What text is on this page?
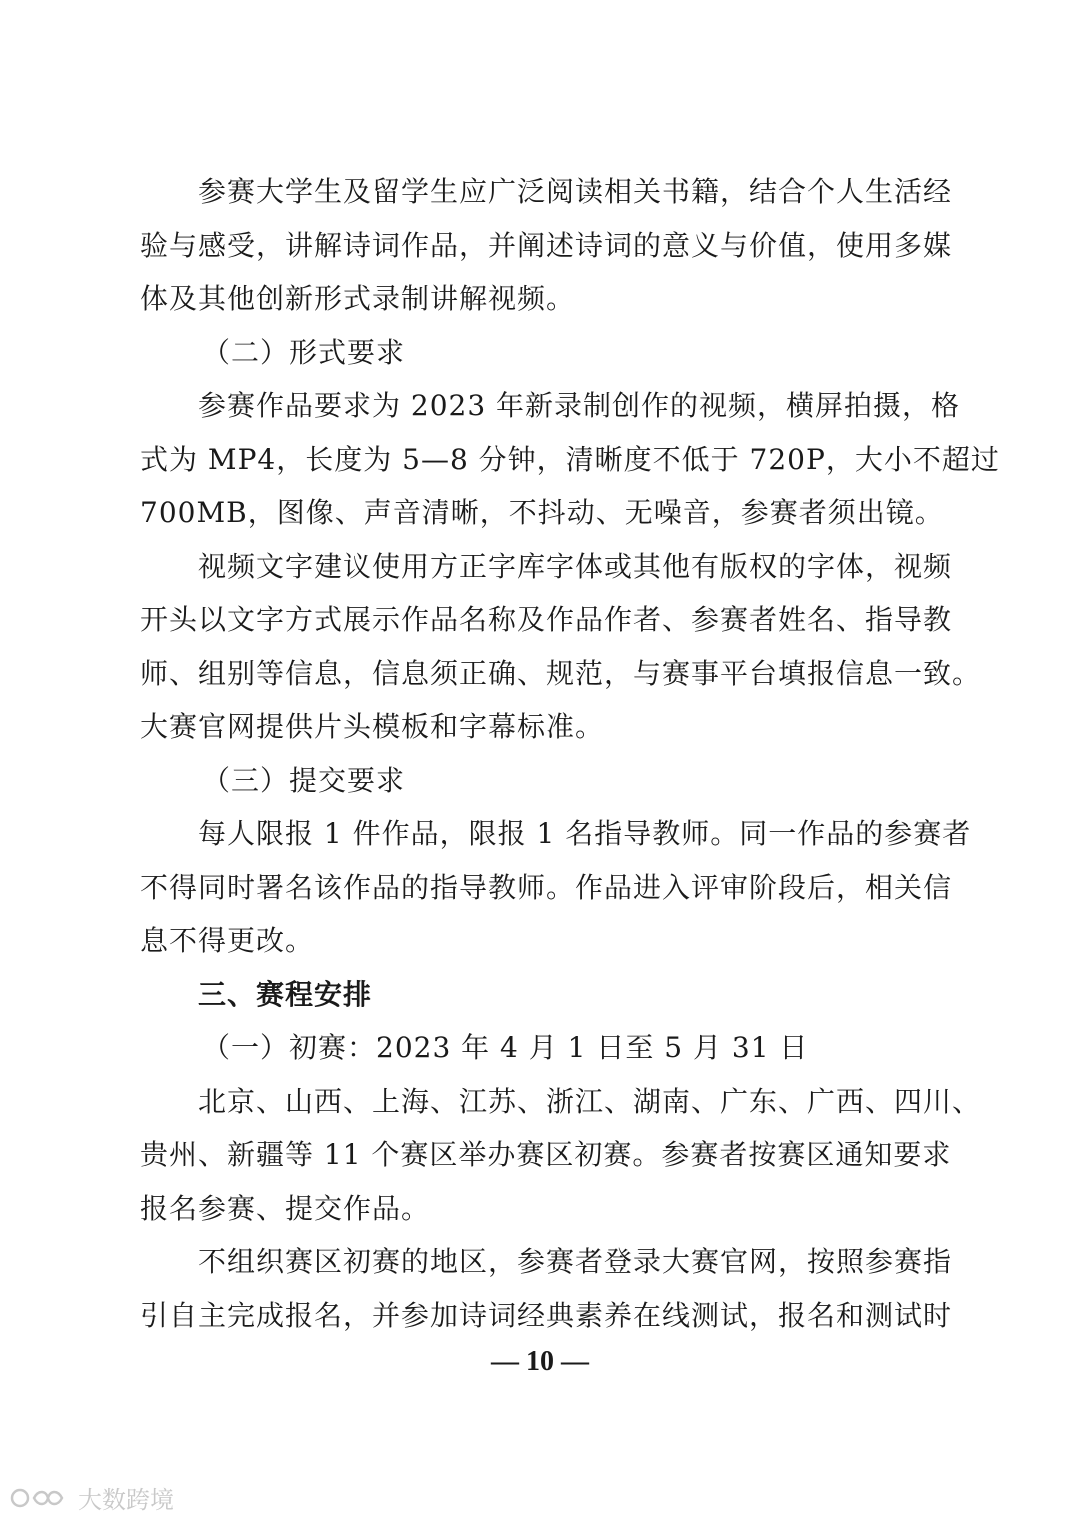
参赛大学生及留学生应广泛阅读相关书籍，结合个人生活经
验与感受，讲解诗词作品，并阐述诗词的意义与价值，使用多媒
体及其他创新形式录制讲解视频。
（二）形式要求
参赛作品要求为 2023 年新录制创作的视频，横屏拍摄，格
式为 MP4，长度为 5—8 分钟，清晰度不低于 720P，大小不超过
700MB，图像、声音清晰，不抖动、无噪音，参赛者须出镜。
视频文字建议使用方正字库字体或其他有版权的字体，视频
开头以文字方式展示作品名称及作品作者、参赛者姓名、指导教
师、组别等信息，信息须正确、规范，与赛事平台填报信息一致。
大赛官网提供片头模板和字幕标准。
（三）提交要求
每人限报 1 件作品，限报 1 名指导教师。同一作品的参赛者
不得同时署名该作品的指导教师。作品进入评审阶段后，相关信
息不得更改。
三、赛程安排
（一）初赛：2023 年 4 月 1 日至 5 月 31 日
北京、山西、上海、江苏、浙江、湖南、广东、广西、四川、
贵州、新疆等 11 个赛区举办赛区初赛。参赛者按赛区通知要求
报名参赛、提交作品。
不组织赛区初赛的地区，参赛者登录大赛官网，按照参赛指
引自主完成报名，并参加诗词经典素养在线测试，报名和测试时
— 10 —
大数跨境
